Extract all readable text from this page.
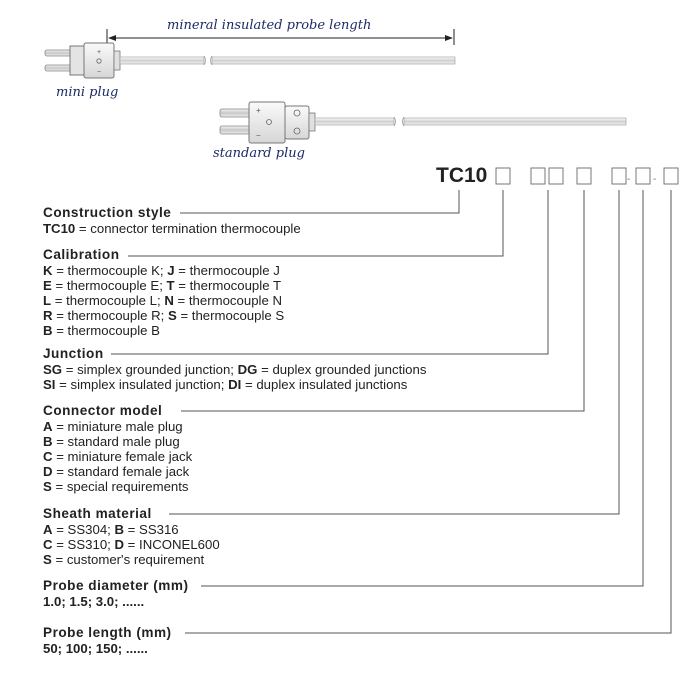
+
−
+
−
mineral insulated probe length
mini plug
standard plug
TC10	- -
Construction style
TC10 = connector termination thermocouple
Calibration
K = thermocouple K; J = thermocouple J
E = thermocouple E; T = thermocouple T
L = thermocouple L; N = thermocouple N
R = thermocouple R; S = thermocouple S
B = thermocouple B
Junction
SG = simplex grounded junction; DG = duplex grounded junctions
SI = simplex insulated junction; DI = duplex insulated junctions
Connector model
A = miniature male plug
B = standard male plug
C = miniature female jack
D = standard female jack
S = special requirements
Sheath material
A = SS304; B = SS316
C = SS310; D = INCONEL600
S = customer's requirement
Probe diameter (mm)
1.0; 1.5; 3.0; ......
Probe length (mm)
50; 100; 150; ......
